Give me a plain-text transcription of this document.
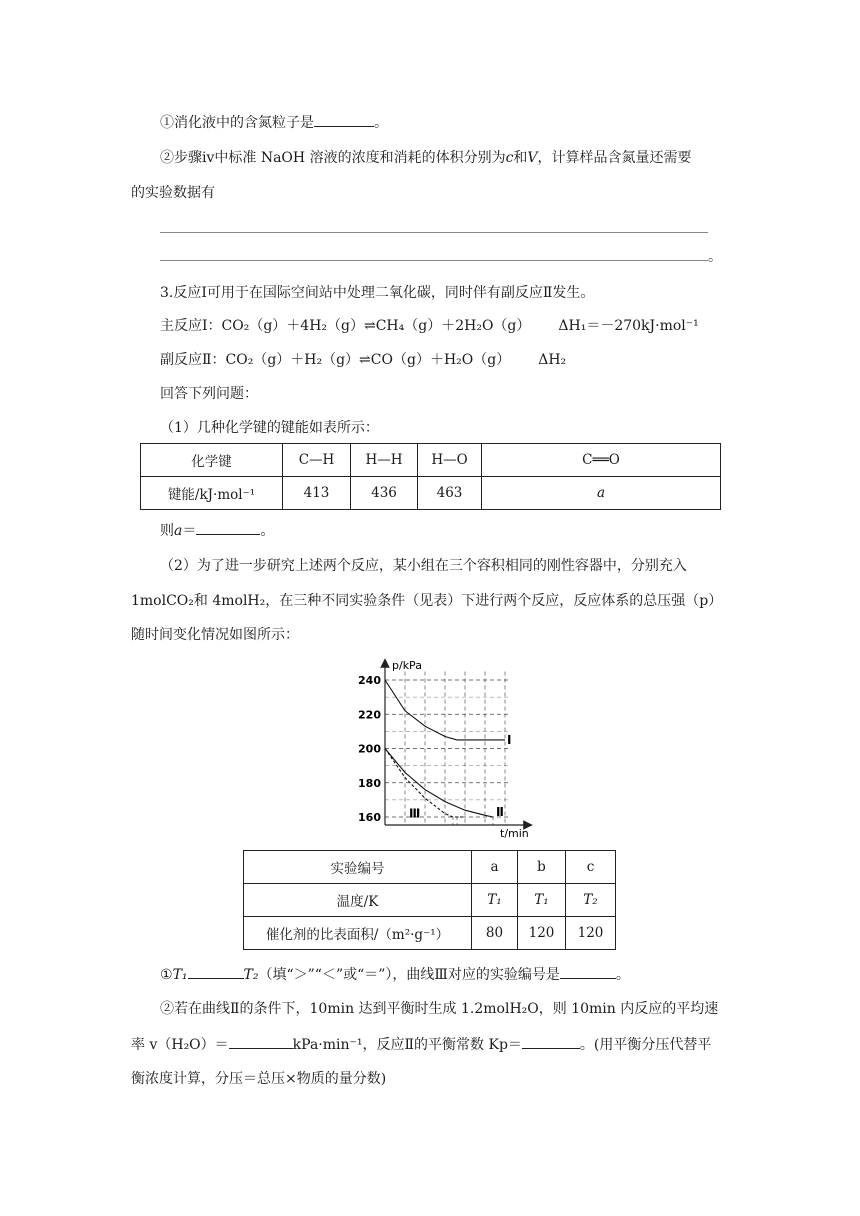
①消化液中的含氮粒子是	。
②步骤ⅳ中标准 NaOH 溶液的浓度和消耗的体积分别为c和V，计算样品含氮量还需要
的实验数据有
。
3.反应Ⅰ可用于在国际空间站中处理二氧化碳，同时伴有副反应Ⅱ发生。
主反应Ⅰ：CO₂（g）＋4H₂（g）⇌CH₄（g）＋2H₂O（g） ΔH₁＝－270kJ·mol⁻¹
副反应Ⅱ：CO₂（g）＋H₂（g）⇌CO（g）＋H₂O（g） ΔH₂
回答下列问题：
（1）几种化学键的键能如表所示：
化学键	C—H	H—H	H—O	C══O
键能/kJ·mol⁻¹	413	436	463	a
则a＝	。
（2）为了进一步研究上述两个反应，某小组在三个容积相同的刚性容器中，分别充入
1molCO₂和 4molH₂，在三种不同实验条件（见表）下进行两个反应，反应体系的总压强（p）
随时间变化情况如图所示：
p/kPa
t/min
240
220
200
180
160
Ⅰ
Ⅱ
Ⅲ
实验编号	a	b	c
温度/K	T₁	T₁	T₂
催化剂的比表面积/（m²·g⁻¹）	80	120	120
①T₁	T₂（填“＞”“＜”或“＝”），曲线Ⅲ对应的实验编号是	。
②若在曲线Ⅱ的条件下，10min 达到平衡时生成 1.2molH₂O，则 10min 内反应的平均速
率 v（H₂O）＝	kPa·min⁻¹，反应Ⅱ的平衡常数 Kp＝	。(用平衡分压代替平
衡浓度计算，分压＝总压×物质的量分数)
